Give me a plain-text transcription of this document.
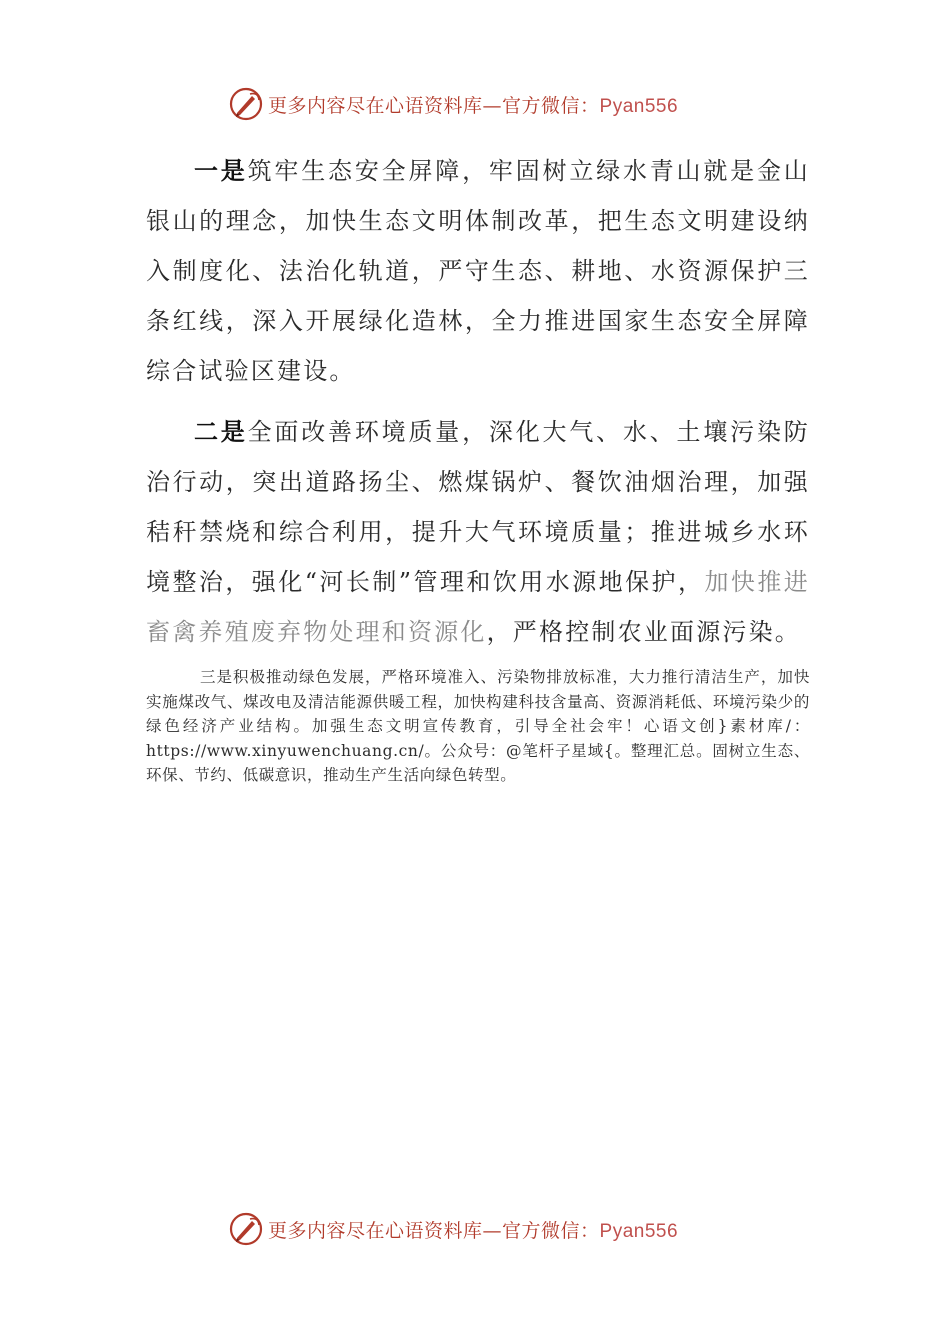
更多内容尽在心语资料库—官方微信：Pyan556

一是筑牢生态安全屏障，牢固树立绿水青山就是金山银山的理念，加快生态文明体制改革，把生态文明建设纳入制度化、法治化轨道，严守生态、耕地、水资源保护三条红线，深入开展绿化造林，全力推进国家生态安全屏障综合试验区建设。

二是全面改善环境质量，深化大气、水、土壤污染防治行动，突出道路扬尘、燃煤锅炉、餐饮油烟治理，加强秸秆禁烧和综合利用，提升大气环境质量；推进城乡水环境整治，强化“河长制”管理和饮用水源地保护，加快推进畜禽养殖废弃物处理和资源化，严格控制农业面源污染。

三是积极推动绿色发展，严格环境准入、污染物排放标准，大力推行清洁生产，加快实施煤改气、煤改电及清洁能源供暖工程，加快构建科技含量高、资源消耗低、环境污染少的绿色经济产业结构。加强生态文明宣传教育，引导全社会牢！心语文创}素材库/：https://www.xinyuwenchuang.cn/。公众号：@笔杆子星域{。整理汇总。固树立生态、环保、节约、低碳意识，推动生产生活向绿色转型。

更多内容尽在心语资料库—官方微信：Pyan556
